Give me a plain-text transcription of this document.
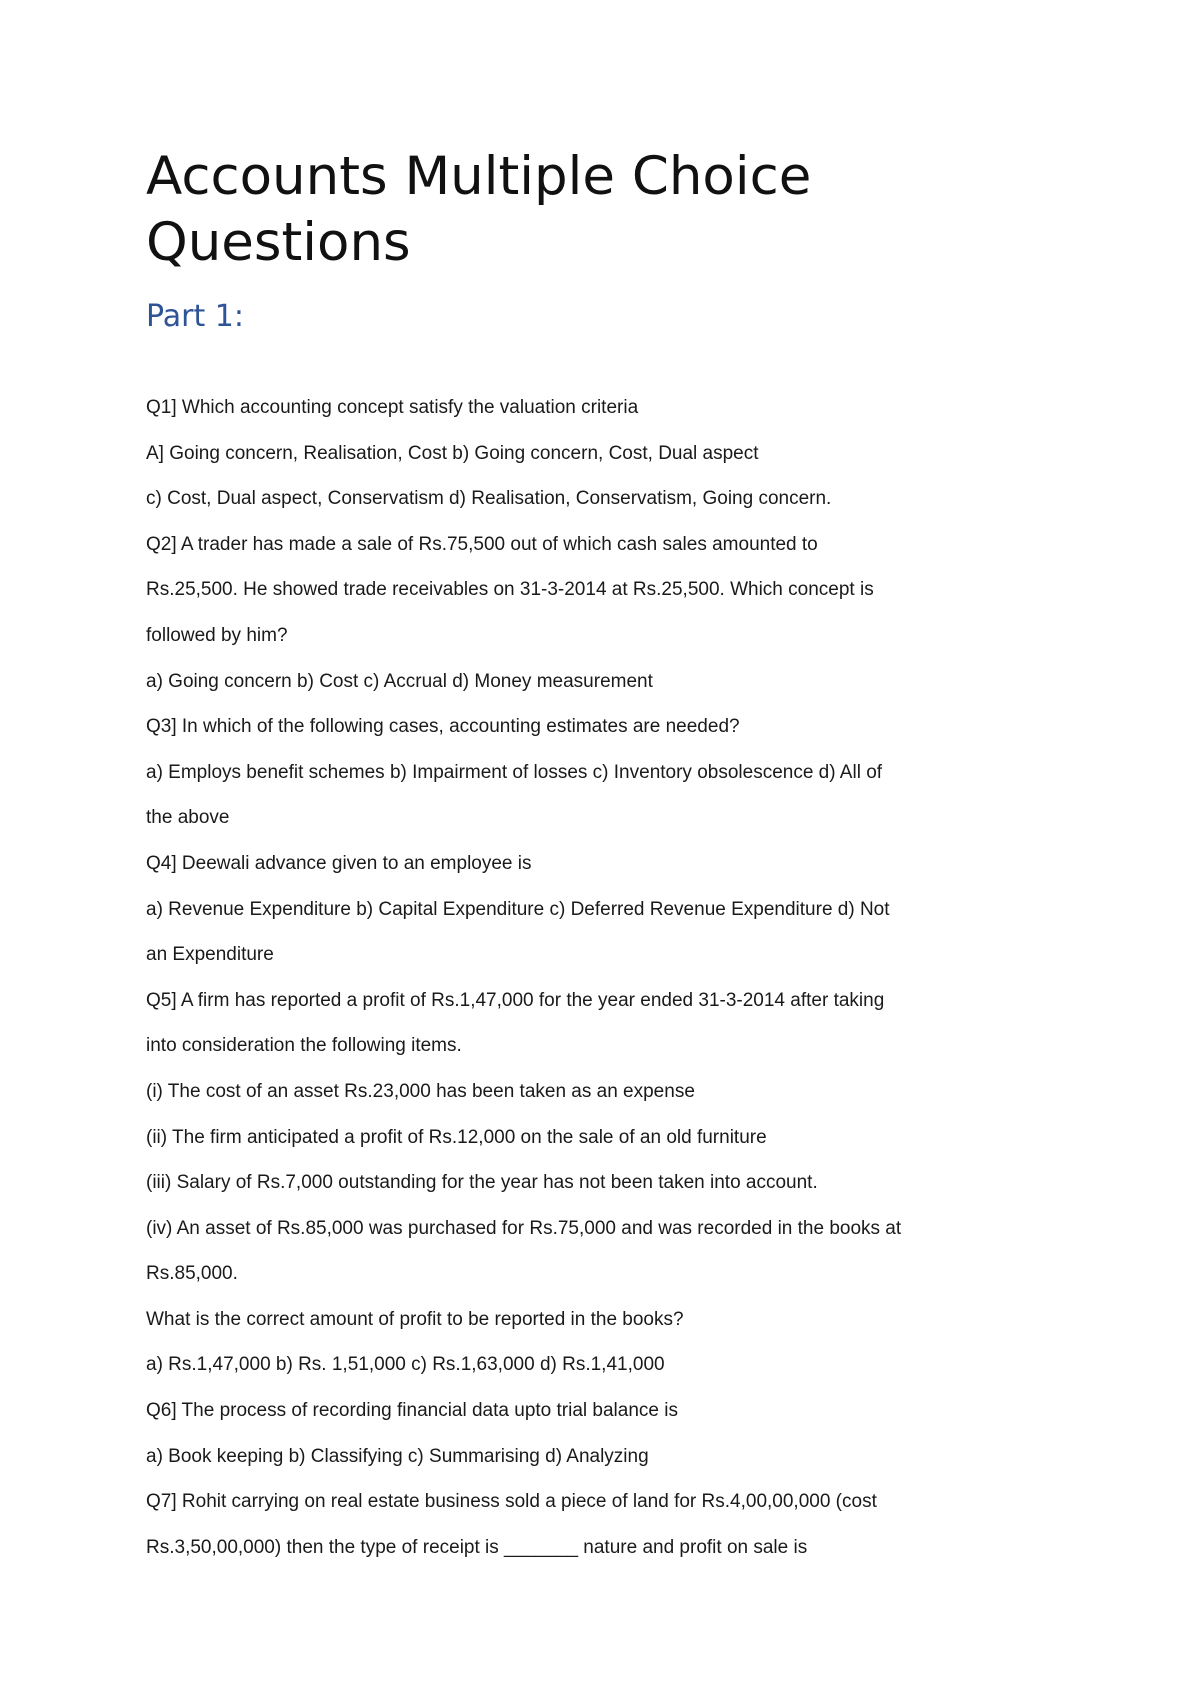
Accounts Multiple Choice Questions
Part 1:
Q1] Which accounting concept satisfy the valuation criteria
A] Going concern, Realisation, Cost b) Going concern, Cost, Dual aspect
c) Cost, Dual aspect, Conservatism d) Realisation, Conservatism, Going concern.
Q2] A trader has made a sale of Rs.75,500 out of which cash sales amounted to
Rs.25,500. He showed trade receivables on 31-3-2014 at Rs.25,500. Which concept is
followed by him?
a) Going concern b) Cost c) Accrual d) Money measurement
Q3] In which of the following cases, accounting estimates are needed?
a) Employs benefit schemes b) Impairment of losses c) Inventory obsolescence d) All of
the above
Q4] Deewali advance given to an employee is
a) Revenue Expenditure b) Capital Expenditure c) Deferred Revenue Expenditure d) Not
an Expenditure
Q5] A firm has reported a profit of Rs.1,47,000 for the year ended 31-3-2014 after taking
into consideration the following items.
(i) The cost of an asset Rs.23,000 has been taken as an expense
(ii) The firm anticipated a profit of Rs.12,000 on the sale of an old furniture
(iii) Salary of Rs.7,000 outstanding for the year has not been taken into account.
(iv) An asset of Rs.85,000 was purchased for Rs.75,000 and was recorded in the books at
Rs.85,000.
What is the correct amount of profit to be reported in the books?
a) Rs.1,47,000 b) Rs. 1,51,000 c) Rs.1,63,000 d) Rs.1,41,000
Q6] The process of recording financial data upto trial balance is
a) Book keeping b) Classifying c) Summarising d) Analyzing
Q7] Rohit carrying on real estate business sold a piece of land for Rs.4,00,00,000 (cost
Rs.3,50,00,000) then the type of receipt is _______ nature and profit on sale is
